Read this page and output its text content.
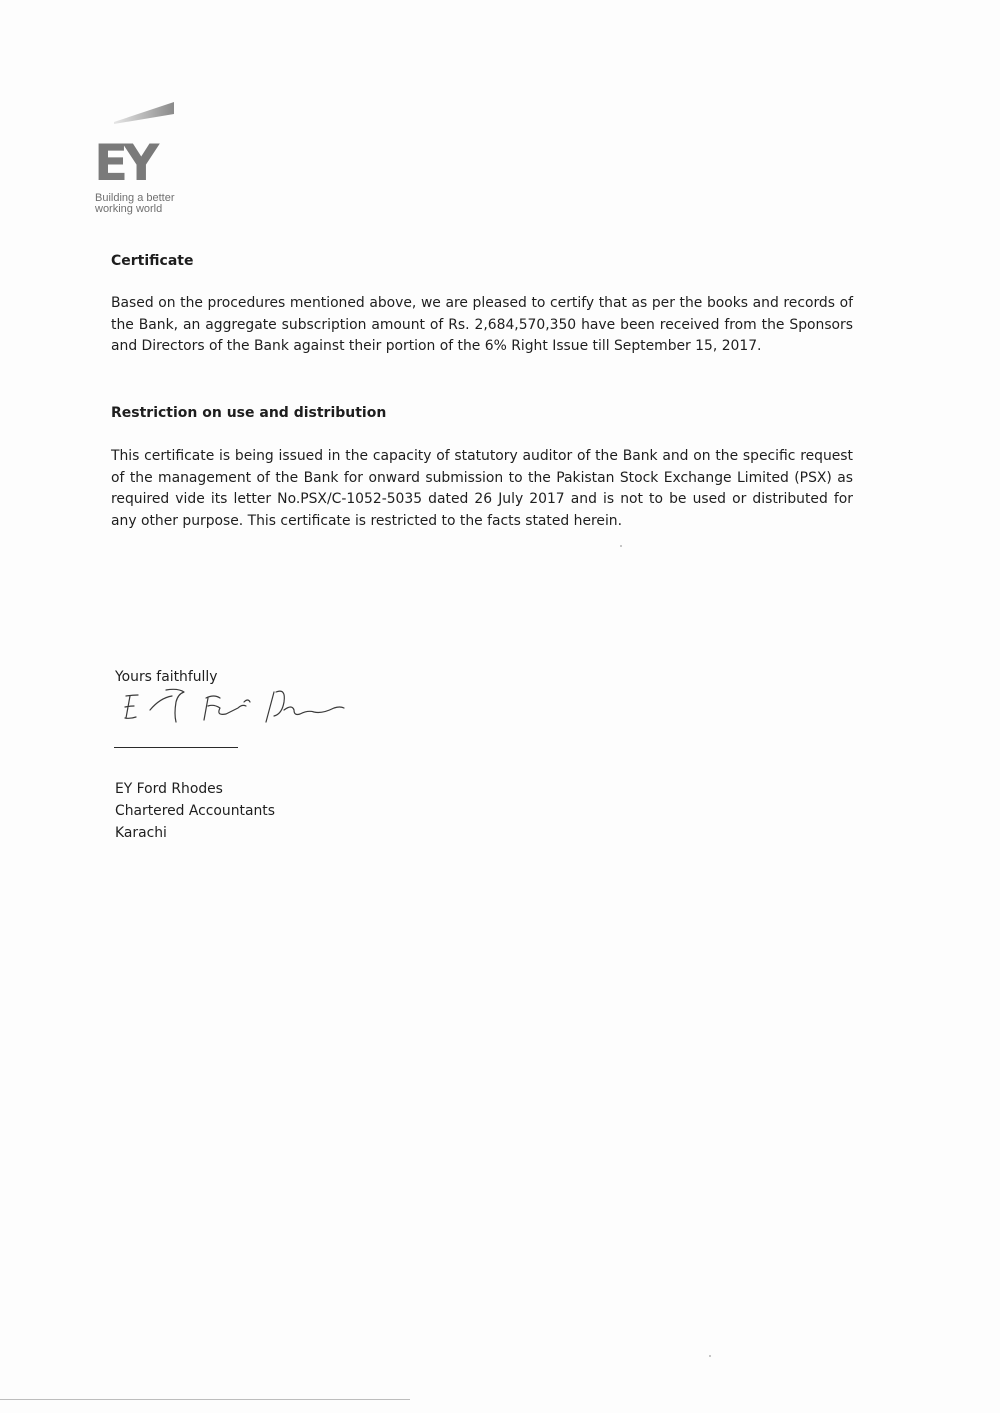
EY
Building a better
working world
Certificate
Based on the procedures mentioned above, we are pleased to certify that as per the books and records of the Bank, an aggregate subscription amount of Rs. 2,684,570,350 have been received from the Sponsors and Directors of the Bank against their portion of the 6% Right Issue till September 15, 2017.
Restriction on use and distribution
This certificate is being issued in the capacity of statutory auditor of the Bank and on the specific request of the management of the Bank for onward submission to the Pakistan Stock Exchange Limited (PSX) as required vide its letter No.PSX/C-1052-5035 dated 26 July 2017 and is not to be used or distributed for any other purpose. This certificate is restricted to the facts stated herein.
Yours faithfully
EY Ford Rhodes
Chartered Accountants
Karachi
